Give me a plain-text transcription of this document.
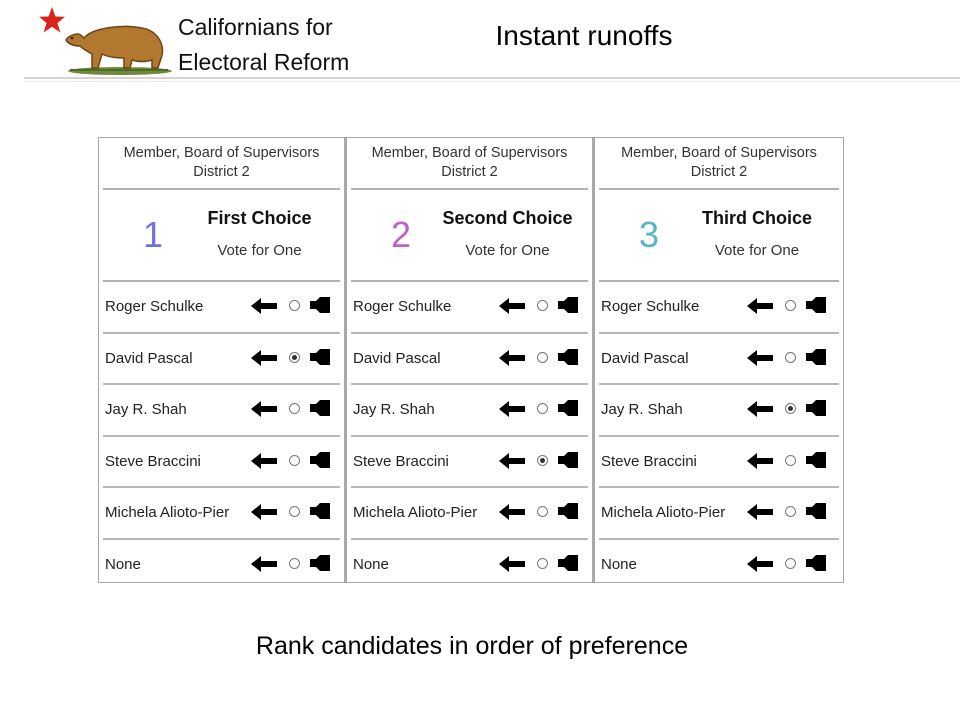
Californians for
Electoral Reform
Instant runoffs
Member, Board of Supervisors
District 2
1	First Choice
Vote for One
Roger Schulke
David Pascal
Jay R. Shah
Steve Braccini
Michela Alioto-Pier
None
Member, Board of Supervisors
District 2
2	Second Choice
Vote for One
Roger Schulke
David Pascal
Jay R. Shah
Steve Braccini
Michela Alioto-Pier
None
Member, Board of Supervisors
District 2
3	Third Choice
Vote for One
Roger Schulke
David Pascal
Jay R. Shah
Steve Braccini
Michela Alioto-Pier
None
Rank candidates in order of preference
